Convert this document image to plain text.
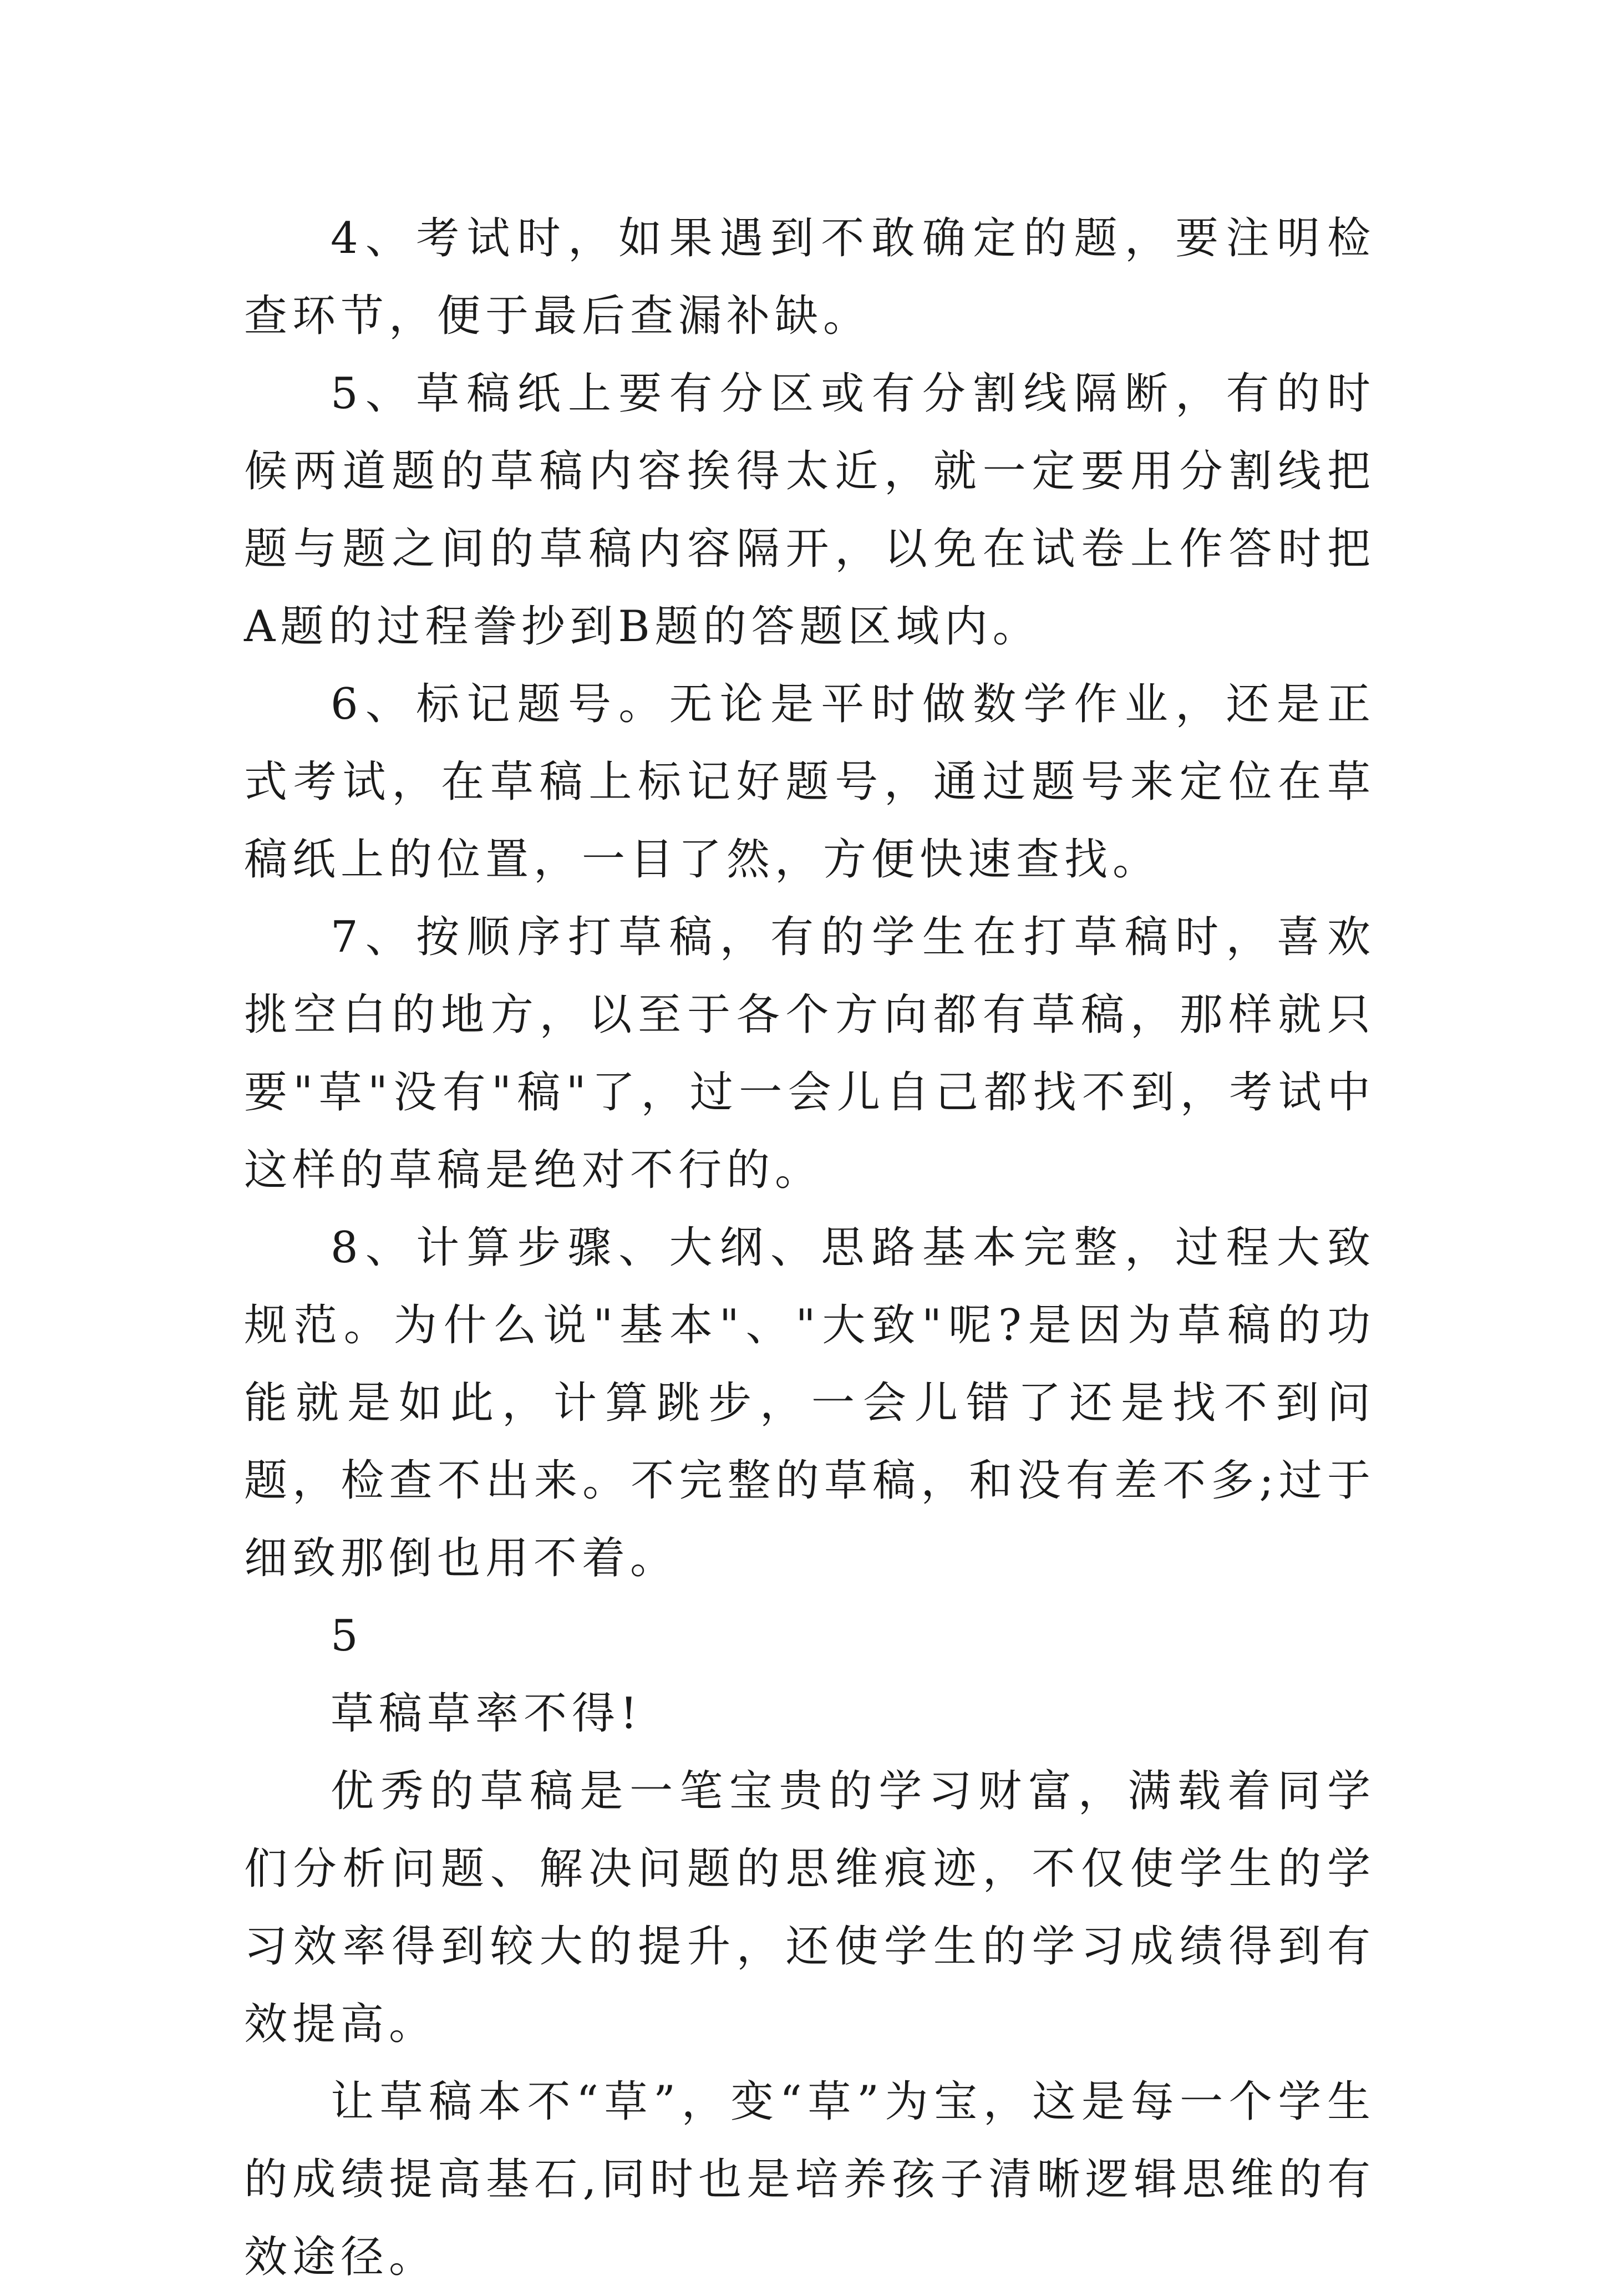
4、考试时，如果遇到不敢确定的题，要注明检查环节，便于最后查漏补缺。

5、草稿纸上要有分区或有分割线隔断，有的时候两道题的草稿内容挨得太近，就一定要用分割线把题与题之间的草稿内容隔开，以免在试卷上作答时把A题的过程誊抄到B题的答题区域内。

6、标记题号。无论是平时做数学作业，还是正式考试，在草稿上标记好题号，通过题号来定位在草稿纸上的位置，一目了然，方便快速查找。

7、按顺序打草稿，有的学生在打草稿时，喜欢挑空白的地方，以至于各个方向都有草稿，那样就只要"草"没有"稿"了，过一会儿自己都找不到，考试中这样的草稿是绝对不行的。

8、计算步骤、大纲、思路基本完整，过程大致规范。为什么说"基本"、"大致"呢?是因为草稿的功能就是如此，计算跳步，一会儿错了还是找不到问题，检查不出来。不完整的草稿，和没有差不多;过于细致那倒也用不着。

5

草稿草率不得!

优秀的草稿是一笔宝贵的学习财富，满载着同学们分析问题、解决问题的思维痕迹，不仅使学生的学习效率得到较大的提升，还使学生的学习成绩得到有效提高。

让草稿本不“草”，变“草”为宝，这是每一个学生的成绩提高基石,同时也是培养孩子清晰逻辑思维的有效途径。
